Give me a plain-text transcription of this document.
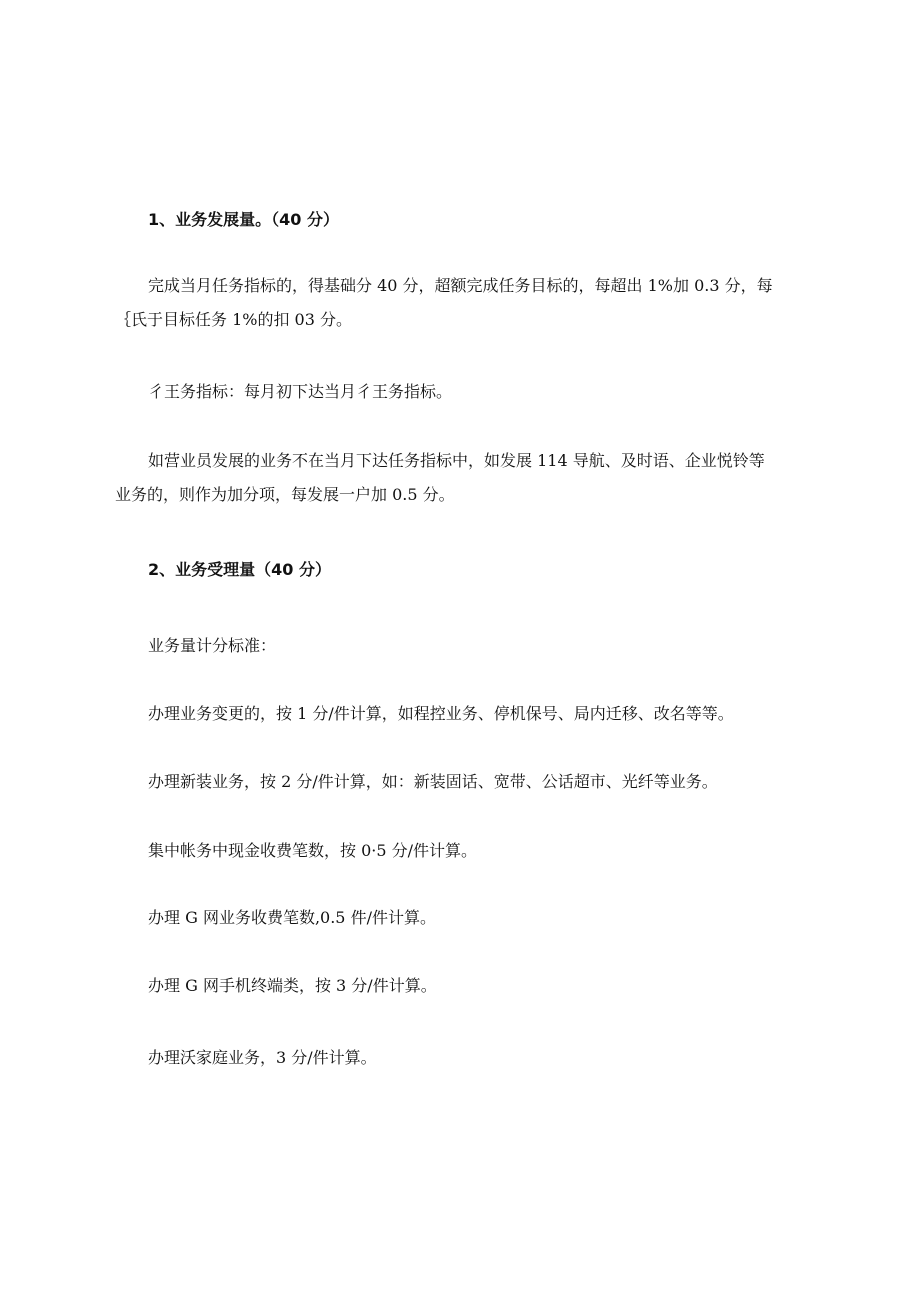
1、业务发展量。（40 分）
完成当月任务指标的，得基础分 40 分，超额完成任务目标的，每超出 1%加 0.3 分，每
｛氏于目标任务 1%的扣 03 分。
彳王务指标：每月初下达当月彳王务指标。
如营业员发展的业务不在当月下达任务指标中，如发展 114 导航、及时语、企业悦铃等
业务的，则作为加分项，每发展一户加 0.5 分。
2、业务受理量（40 分）
业务量计分标准：
办理业务变更的，按 1 分/件计算，如程控业务、停机保号、局内迁移、改名等等。
办理新装业务，按 2 分/件计算，如：新装固话、宽带、公话超市、光纤等业务。
集中帐务中现金收费笔数，按 0·5 分/件计算。
办理 G 网业务收费笔数,0.5 件/件计算。
办理 G 网手机终端类，按 3 分/件计算。
办理沃家庭业务，3 分/件计算。
